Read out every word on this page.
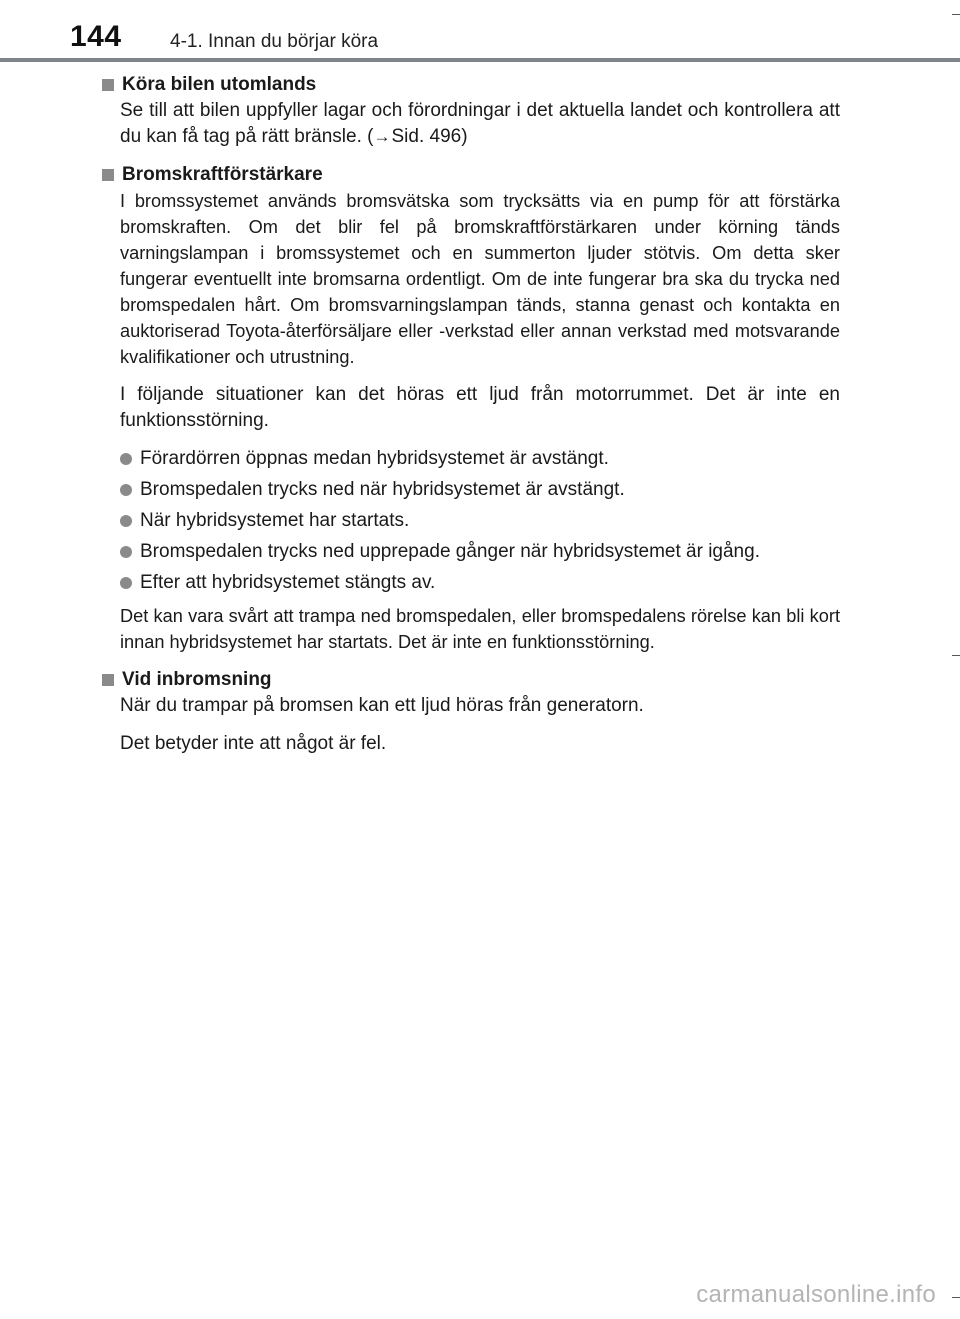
144	4-1. Innan du börjar köra

Köra bilen utomlands

Se till att bilen uppfyller lagar och förordningar i det aktuella landet och kontrollera att du kan få tag på rätt bränsle. (→Sid. 496)

Bromskraftförstärkare

I bromssystemet används bromsvätska som trycksätts via en pump för att förstärka bromskraften. Om det blir fel på bromskraftförstärkaren under körning tänds varningslampan i bromssystemet och en summerton ljuder stötvis. Om detta sker fungerar eventuellt inte bromsarna ordentligt. Om de inte fungerar bra ska du trycka ned bromspedalen hårt. Om bromsvarningslampan tänds, stanna genast och kontakta en auktoriserad Toyota-återförsäljare eller -verkstad eller annan verkstad med motsvarande kvalifikationer och utrustning.

I följande situationer kan det höras ett ljud från motorrummet. Det är inte en funktionsstörning.

Förardörren öppnas medan hybridsystemet är avstängt.
Bromspedalen trycks ned när hybridsystemet är avstängt.
När hybridsystemet har startats.
Bromspedalen trycks ned upprepade gånger när hybridsystemet är igång.
Efter att hybridsystemet stängts av.

Det kan vara svårt att trampa ned bromspedalen, eller bromspedalens rörelse kan bli kort innan hybridsystemet har startats. Det är inte en funktionsstörning.

Vid inbromsning

När du trampar på bromsen kan ett ljud höras från generatorn.

Det betyder inte att något är fel.

carmanualsonline.info
